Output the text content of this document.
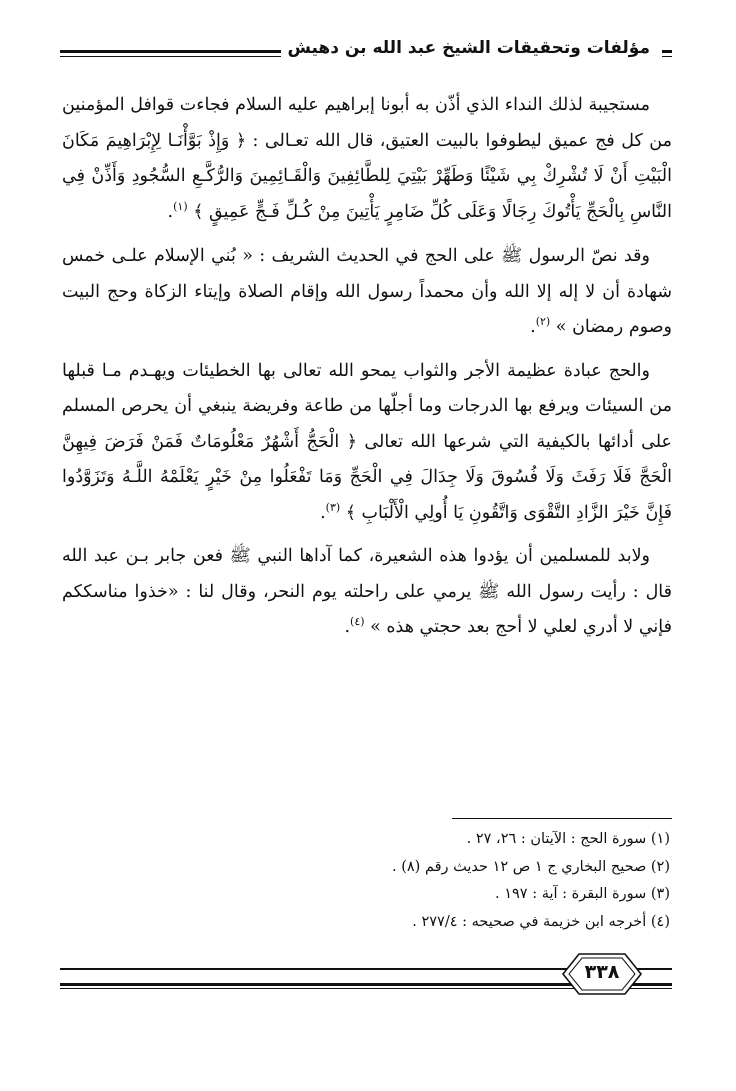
مؤلفات وتحقيقات الشيخ عبد الله بن دهيش

مستجيبة لذلك النداء الذي أذّن به أبونا إبراهيم عليه السلام فجاءت قوافل المؤمنين من كل فج عميق ليطوفوا بالبيت العتيق، قال الله تعـالى : ﴿ وَإِذْ بَوَّأْنَـا لِإِبْرَاهِيمَ مَكَانَ الْبَيْتِ أَنْ لَا تُشْرِكْ بِي شَيْئًا وَطَهِّرْ بَيْتِيَ لِلطَّائِفِينَ وَالْقَـائِمِينَ وَالرُّكَّـعِ السُّجُودِ وَأَذِّنْ فِي النَّاسِ بِالْحَجِّ يَأْتُوكَ رِجَالًا وَعَلَى كُلِّ ضَامِرٍ يَأْتِينَ مِنْ كُـلِّ فَـجٍّ عَمِيقٍ ﴾ $^{(١)}$.

وقد نصّ الرسول ﷺ على الحج في الحديث الشريف : « بُني الإسلام علـى خمس شهادة أن لا إله إلا الله وأن محمداً رسول الله وإقام الصلاة وإيتاء الزكاة وحج البيت وصوم رمضان » $^{(٢)}$.

والحج عبادة عظيمة الأجر والثواب يمحو الله تعالى بها الخطيئات ويهـدم مـا قبلها من السيئات ويرفع بها الدرجات وما أجلّها من طاعة وفريضة ينبغي أن يحرص المسلم على أدائها بالكيفية التي شرعها الله تعالى ﴿ الْحَجُّ أَشْهُرٌ مَعْلُومَاتٌ فَمَنْ فَرَضَ فِيهِنَّ الْحَجَّ فَلَا رَفَثَ وَلَا فُسُوقَ وَلَا جِدَالَ فِي الْحَجِّ وَمَا تَفْعَلُوا مِنْ خَيْرٍ يَعْلَمْهُ اللَّـهُ وَتَزَوَّدُوا فَإِنَّ خَيْرَ الزَّادِ التَّقْوَى وَاتَّقُونِ يَا أُولِي الْأَلْبَابِ ﴾ $^{(٣)}$.

ولابد للمسلمين أن يؤدوا هذه الشعيرة، كما آداها النبي ﷺ فعن جابر بـن عبد الله قال : رأيت رسول الله ﷺ يرمي على راحلته يوم النحر، وقال لنا : «خذوا مناسككم فإني لا أدري لعلي لا أحج بعد حجتي هذه » $^{(٤)}$.

(١) سورة الحج : الآيتان : ٢٦، ٢٧ .
(٢) صحيح البخاري ج ١ ص ١٢ حديث رقم (٨) .
(٣) سورة البقرة : آية : ١٩٧ .
(٤) أخرجه ابن خزيمة في صحيحه : ٢٧٧/٤ .
٣٣٨
